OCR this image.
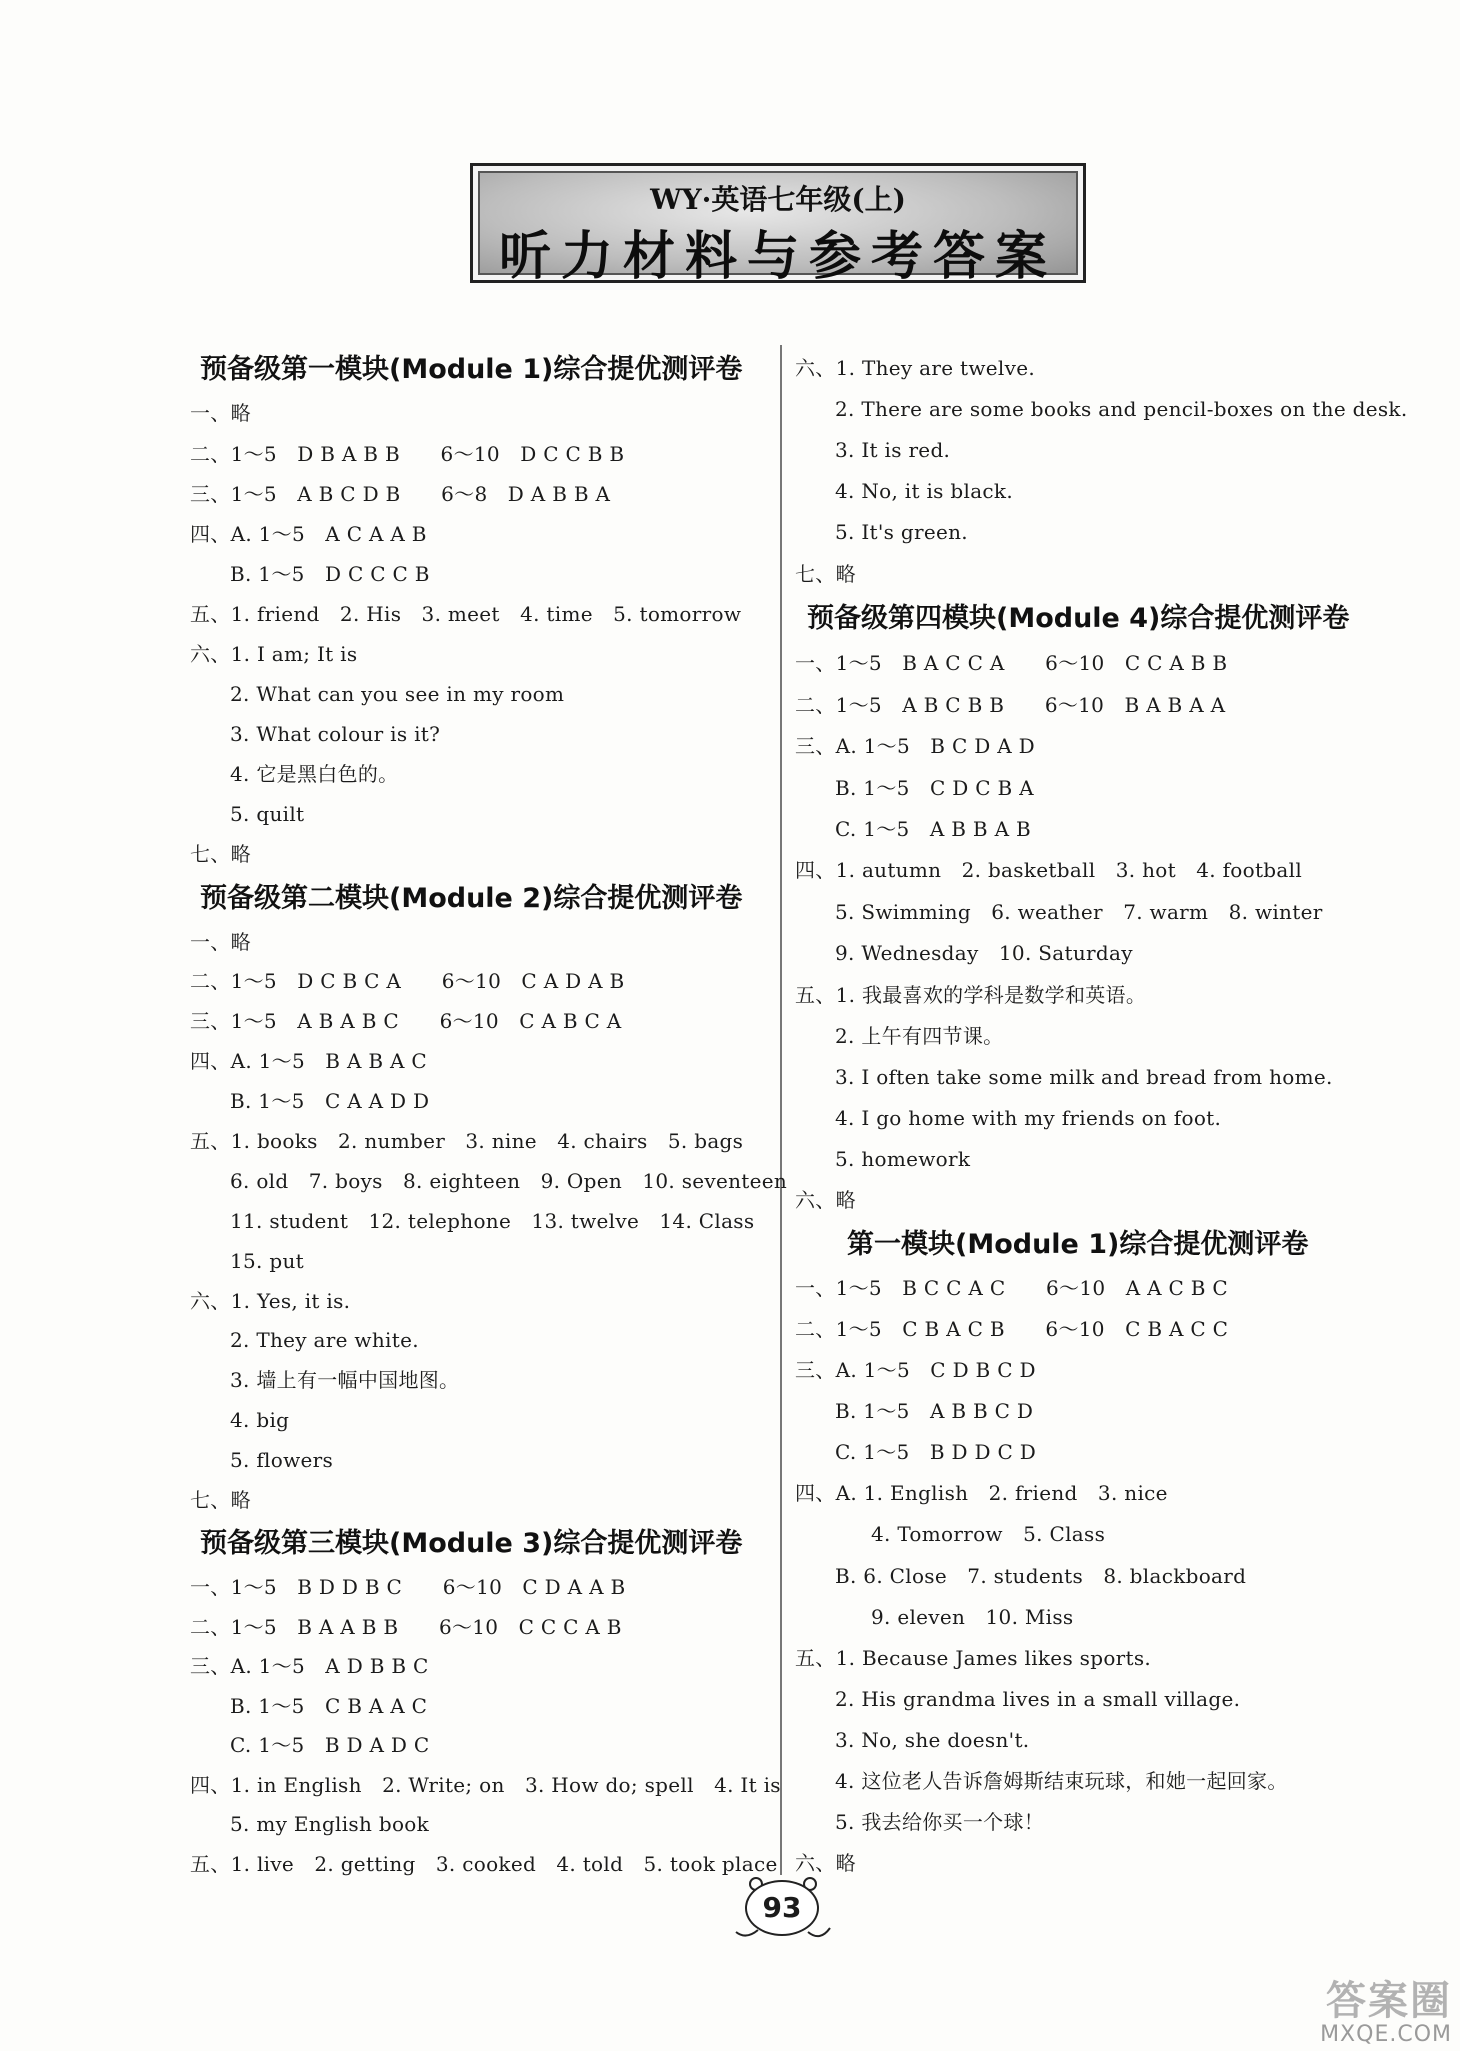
WY·英语七年级(上)
听力材料与参考答案
预备级第一模块(Module 1)综合提优测评卷
一、略
二、1～5　D B A B B　　6～10　D C C B B
三、1～5　A B C D B　　6～8　D A B B A
四、A. 1～5　A C A A B
B. 1～5　D C C C B
五、1. friend　2. His　3. meet　4. time　5. tomorrow
六、1. I am; It is
2. What can you see in my room
3. What colour is it?
4. 它是黑白色的。
5. quilt
七、略
预备级第二模块(Module 2)综合提优测评卷
一、略
二、1～5　D C B C A　　6～10　C A D A B
三、1～5　A B A B C　　6～10　C A B C A
四、A. 1～5　B A B A C
B. 1～5　C A A D D
五、1. books　2. number　3. nine　4. chairs　5. bags
6. old　7. boys　8. eighteen　9. Open　10. seventeen
11. student　12. telephone　13. twelve　14. Class
15. put
六、1. Yes, it is.
2. They are white.
3. 墙上有一幅中国地图。
4. big
5. flowers
七、略
预备级第三模块(Module 3)综合提优测评卷
一、1～5　B D D B C　　6～10　C D A A B
二、1～5　B A A B B　　6～10　C C C A B
三、A. 1～5　A D B B C
B. 1～5　C B A A C
C. 1～5　B D A D C
四、1. in English　2. Write; on　3. How do; spell　4. It is
5. my English book
五、1. live　2. getting　3. cooked　4. told　5. took place
六、1. They are twelve.
2. There are some books and pencil-boxes on the desk.
3. It is red.
4. No, it is black.
5. It's green.
七、略
预备级第四模块(Module 4)综合提优测评卷
一、1～5　B A C C A　　6～10　C C A B B
二、1～5　A B C B B　　6～10　B A B A A
三、A. 1～5　B C D A D
B. 1～5　C D C B A
C. 1～5　A B B A B
四、1. autumn　2. basketball　3. hot　4. football
5. Swimming　6. weather　7. warm　8. winter
9. Wednesday　10. Saturday
五、1. 我最喜欢的学科是数学和英语。
2. 上午有四节课。
3. I often take some milk and bread from home.
4. I go home with my friends on foot.
5. homework
六、略
第一模块(Module 1)综合提优测评卷
一、1～5　B C C A C　　6～10　A A C B C
二、1～5　C B A C B　　6～10　C B A C C
三、A. 1～5　C D B C D
B. 1～5　A B B C D
C. 1～5　B D D C D
四、A. 1. English　2. friend　3. nice
4. Tomorrow　5. Class
B. 6. Close　7. students　8. blackboard
9. eleven　10. Miss
五、1. Because James likes sports.
2. His grandma lives in a small village.
3. No, she doesn't.
4. 这位老人告诉詹姆斯结束玩球，和她一起回家。
5. 我去给你买一个球！
六、略
93
答案圈
MXQE.COM
